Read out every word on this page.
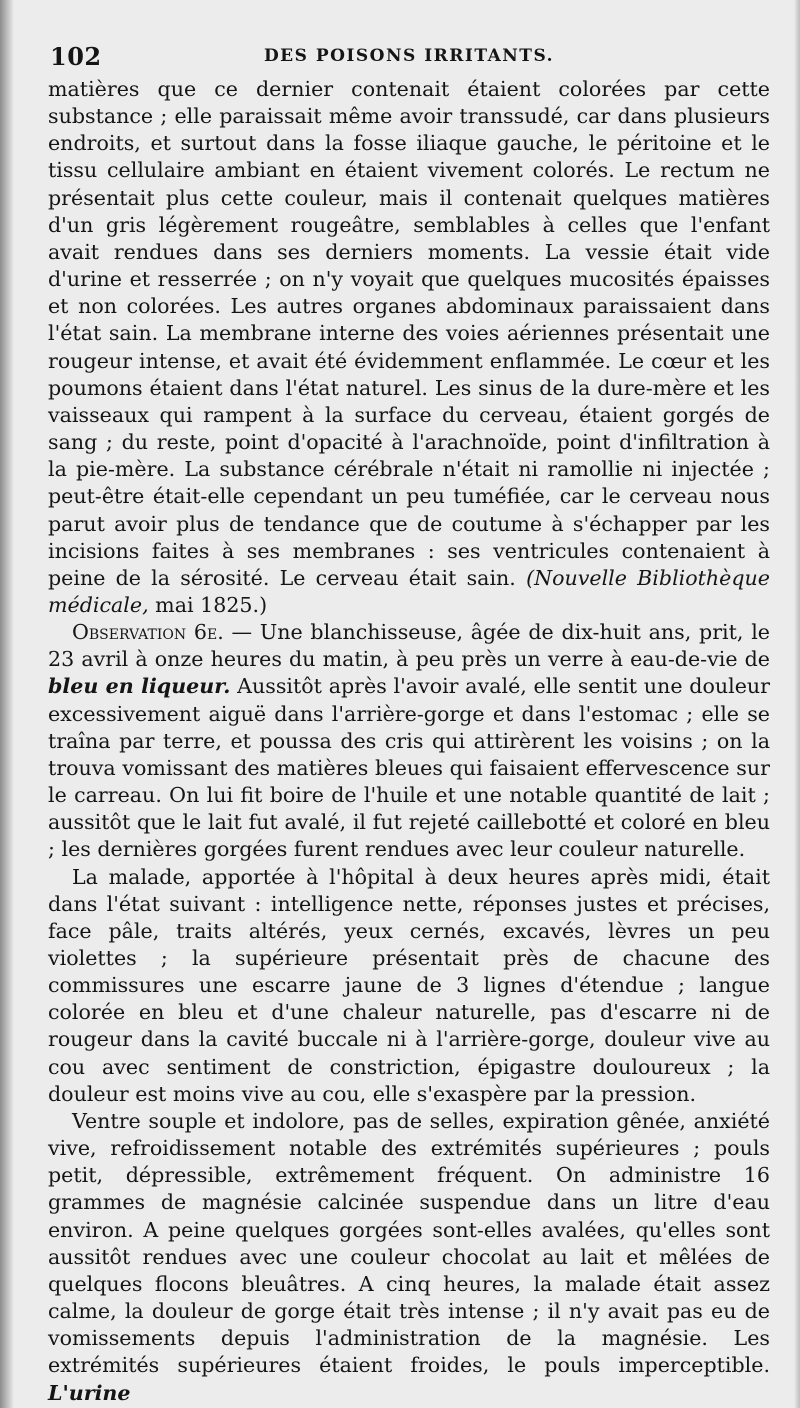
102	DES POISONS IRRITANTS.

matières que ce dernier contenait étaient colorées par cette substance ; elle paraissait même avoir transsudé, car dans plusieurs endroits, et surtout dans la fosse iliaque gauche, le péritoine et le tissu cellulaire ambiant en étaient vivement colorés. Le rectum ne présentait plus cette couleur, mais il contenait quelques matières d'un gris légèrement rougeâtre, semblables à celles que l'enfant avait rendues dans ses derniers moments. La vessie était vide d'urine et resserrée ; on n'y voyait que quelques mucosités épaisses et non colorées. Les autres organes abdominaux paraissaient dans l'état sain. La membrane interne des voies aériennes présentait une rougeur intense, et avait été évidemment enflammée. Le cœur et les poumons étaient dans l'état naturel. Les sinus de la dure-mère et les vaisseaux qui rampent à la surface du cerveau, étaient gorgés de sang ; du reste, point d'opacité à l'arachnoïde, point d'infiltration à la pie-mère. La substance cérébrale n'était ni ramollie ni injectée ; peut-être était-elle cependant un peu tuméfiée, car le cerveau nous parut avoir plus de tendance que de coutume à s'échapper par les incisions faites à ses membranes : ses ventricules contenaient à peine de la sérosité. Le cerveau était sain. (Nouvelle Bibliothèque médicale, mai 1825.)

Observation 6e. — Une blanchisseuse, âgée de dix-huit ans, prit, le 23 avril à onze heures du matin, à peu près un verre à eau-de-vie de bleu en liqueur. Aussitôt après l'avoir avalé, elle sentit une douleur excessivement aiguë dans l'arrière-gorge et dans l'estomac ; elle se traîna par terre, et poussa des cris qui attirèrent les voisins ; on la trouva vomissant des matières bleues qui faisaient effervescence sur le carreau. On lui fit boire de l'huile et une notable quantité de lait ; aussitôt que le lait fut avalé, il fut rejeté caillebotté et coloré en bleu ; les dernières gorgées furent rendues avec leur couleur naturelle.

La malade, apportée à l'hôpital à deux heures après midi, était dans l'état suivant : intelligence nette, réponses justes et précises, face pâle, traits altérés, yeux cernés, excavés, lèvres un peu violettes ; la supérieure présentait près de chacune des commissures une escarre jaune de 3 lignes d'étendue ; langue colorée en bleu et d'une chaleur naturelle, pas d'escarre ni de rougeur dans la cavité buccale ni à l'arrière-gorge, douleur vive au cou avec sentiment de constriction, épigastre douloureux ; la douleur est moins vive au cou, elle s'exaspère par la pression.

Ventre souple et indolore, pas de selles, expiration gênée, anxiété vive, refroidissement notable des extrémités supérieures ; pouls petit, dépressible, extrêmement fréquent. On administre 16 grammes de magnésie calcinée suspendue dans un litre d'eau environ. A peine quelques gorgées sont-elles avalées, qu'elles sont aussitôt rendues avec une couleur chocolat au lait et mêlées de quelques flocons bleuâtres. A cinq heures, la malade était assez calme, la douleur de gorge était très intense ; il n'y avait pas eu de vomissements depuis l'administration de la magnésie. Les extrémités supérieures étaient froides, le pouls imperceptible. L'urine
